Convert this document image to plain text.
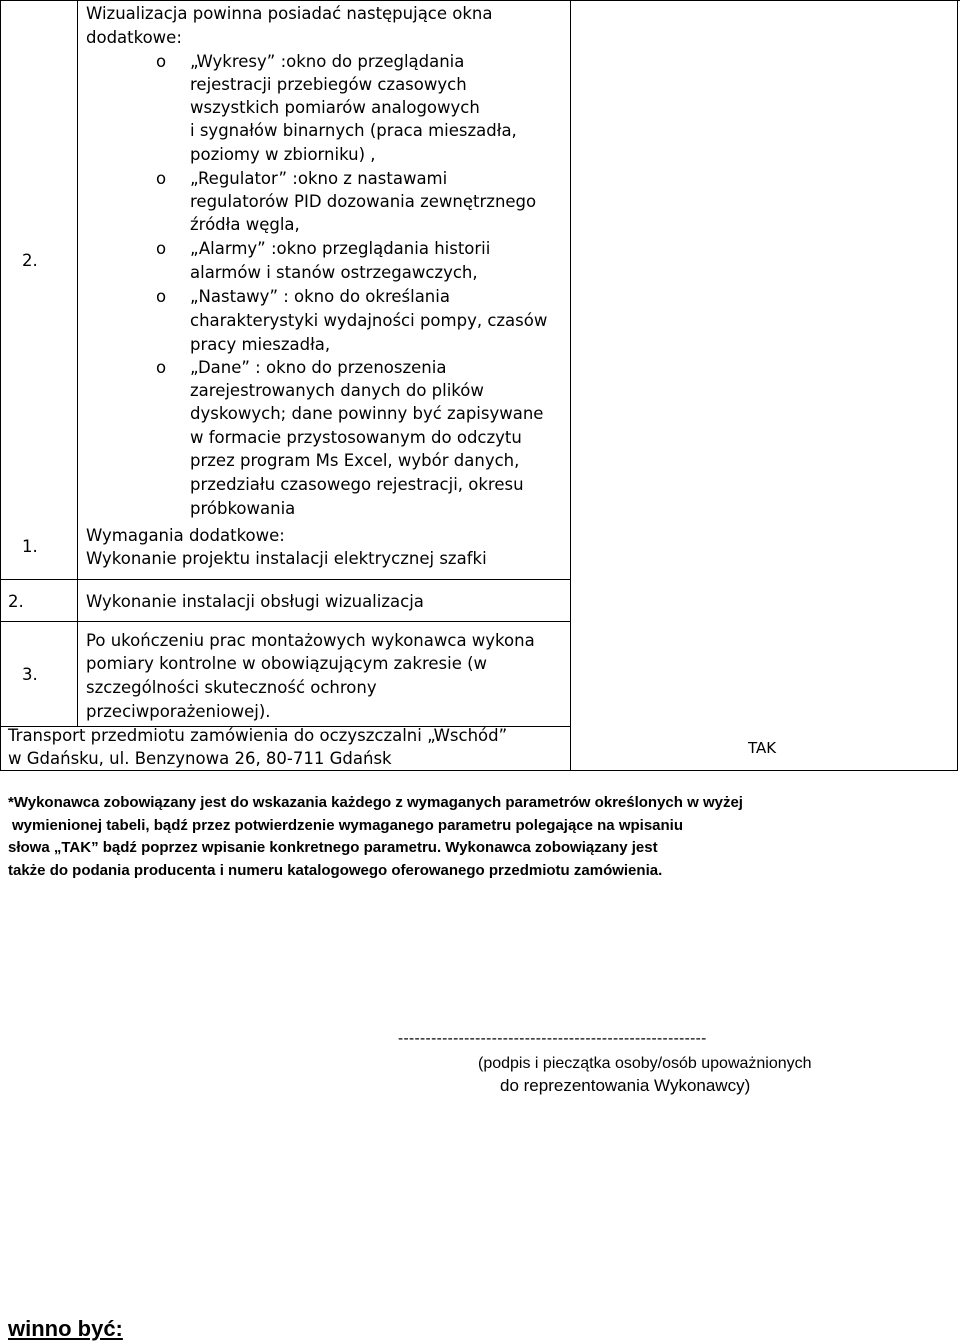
2.
1.
Wizualizacja powinna posiadać następujące okna
dodatkowe:
o „Wykresy” :okno do przeglądania
rejestracji przebiegów czasowych
wszystkich pomiarów analogowych
i sygnałów binarnych (praca mieszadła,
poziomy w zbiorniku) ,
o „Regulator” :okno z nastawami
regulatorów PID dozowania zewnętrznego
źródła węgla,
o „Alarmy” :okno przeglądania historii
alarmów i stanów ostrzegawczych,
o „Nastawy” : okno do określania
charakterystyki wydajności pompy, czasów
pracy mieszadła,
o „Dane” : okno do przenoszenia
zarejestrowanych danych do plików
dyskowych; dane powinny być zapisywane
w formacie przystosowanym do odczytu
przez program Ms Excel, wybór danych,
przedziału czasowego rejestracji, okresu
próbkowania
Wymagania dodatkowe:
Wykonanie projektu instalacji elektrycznej szafki
2.	Wykonanie instalacji obsługi wizualizacja
3.
Po ukończeniu prac montażowych wykonawca wykona
pomiary kontrolne w obowiązującym zakresie (w
szczególności skuteczność ochrony
przeciwporażeniowej).
Transport przedmiotu zamówienia do oczyszczalni „Wschód”
w Gdańsku, ul. Benzynowa 26, 80-711 Gdańsk
TAK
*Wykonawca zobowiązany jest do wskazania każdego z wymaganych parametrów określonych w wyżej
wymienionej tabeli, bądź przez potwierdzenie wymaganego parametru polegające na wpisaniu
słowa „TAK” bądź poprzez wpisanie konkretnego parametru. Wykonawca zobowiązany jest
także do podania producenta i numeru katalogowego oferowanego przedmiotu zamówienia.
--------------------------------------------------------
(podpis i pieczątka osoby/osób upoważnionych
do reprezentowania Wykonawcy)
winno być:
